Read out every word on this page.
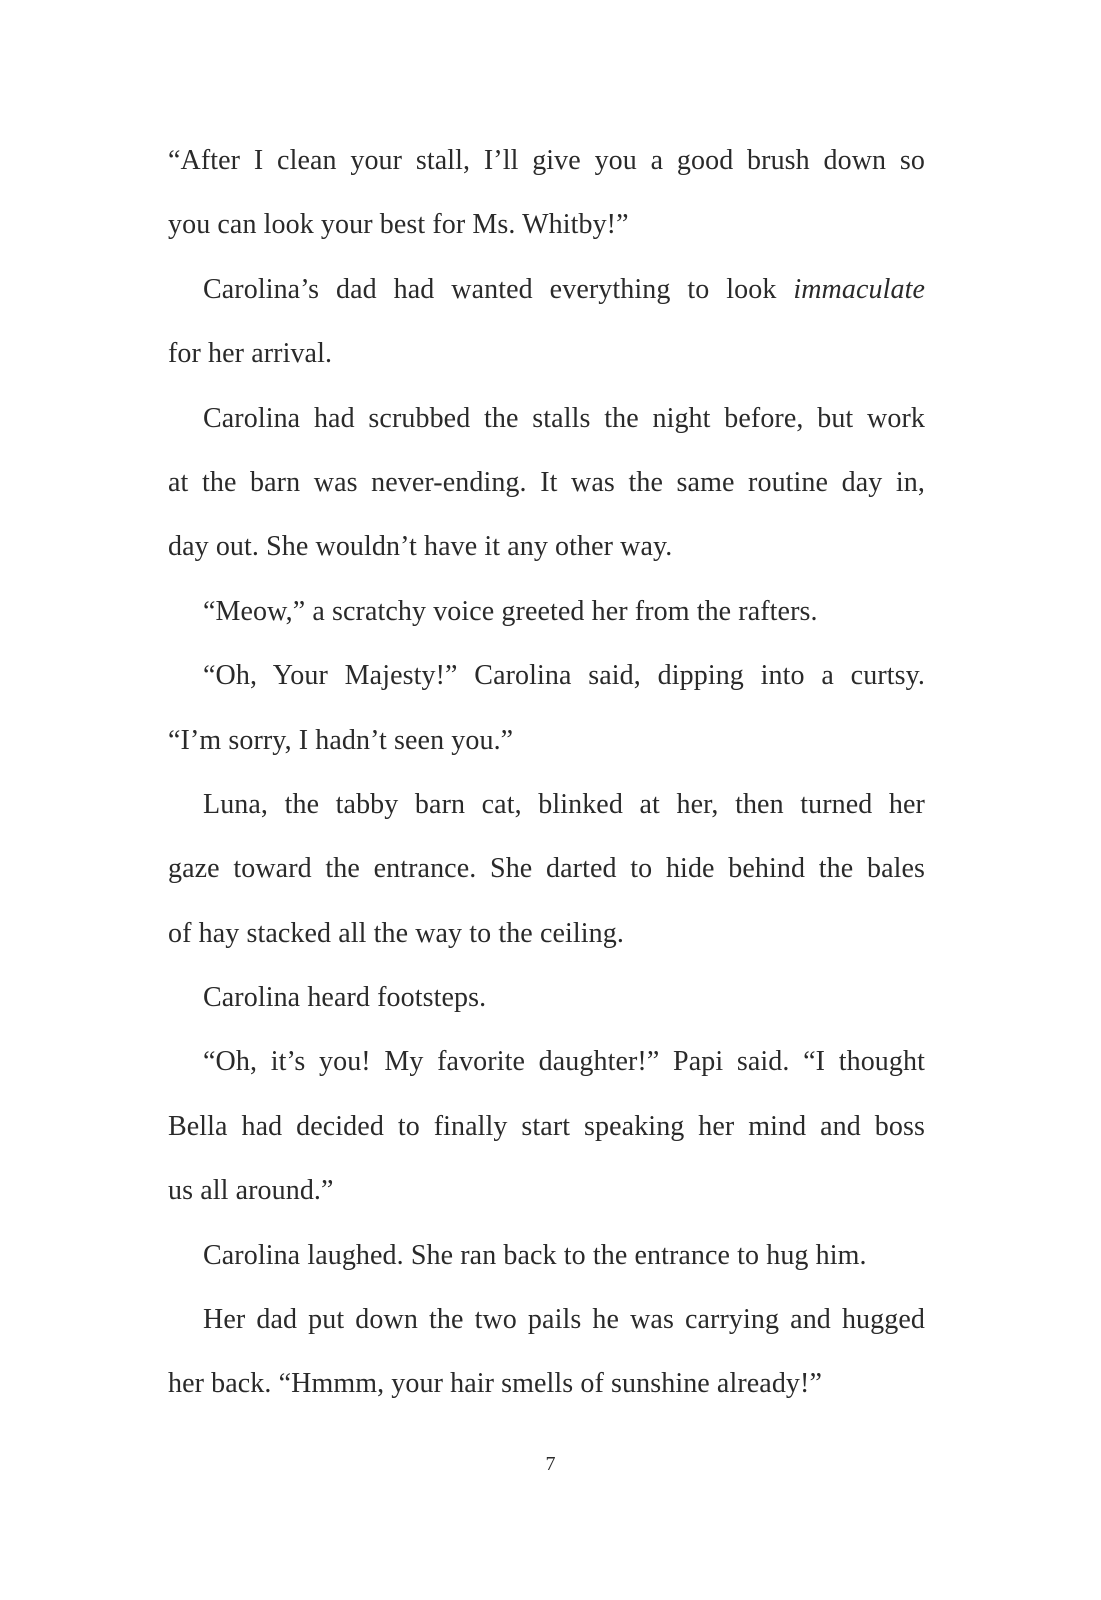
“After I clean your stall, I’ll give you a good brush down so
you can look your best for Ms. Whitby!”
Carolina’s dad had wanted everything to look immaculate
for her arrival.
Carolina had scrubbed the stalls the night before, but work
at the barn was never-ending. It was the same routine day in,
day out. She wouldn’t have it any other way.
“Meow,” a scratchy voice greeted her from the rafters.
“Oh, Your Majesty!” Carolina said, dipping into a curtsy.
“I’m sorry, I hadn’t seen you.”
Luna, the tabby barn cat, blinked at her, then turned her
gaze toward the entrance. She darted to hide behind the bales
of hay stacked all the way to the ceiling.
Carolina heard footsteps.
“Oh, it’s you! My favorite daughter!” Papi said. “I thought
Bella had decided to finally start speaking her mind and boss
us all around.”
Carolina laughed. She ran back to the entrance to hug him.
Her dad put down the two pails he was carrying and hugged
her back. “Hmmm, your hair smells of sunshine already!”
7
